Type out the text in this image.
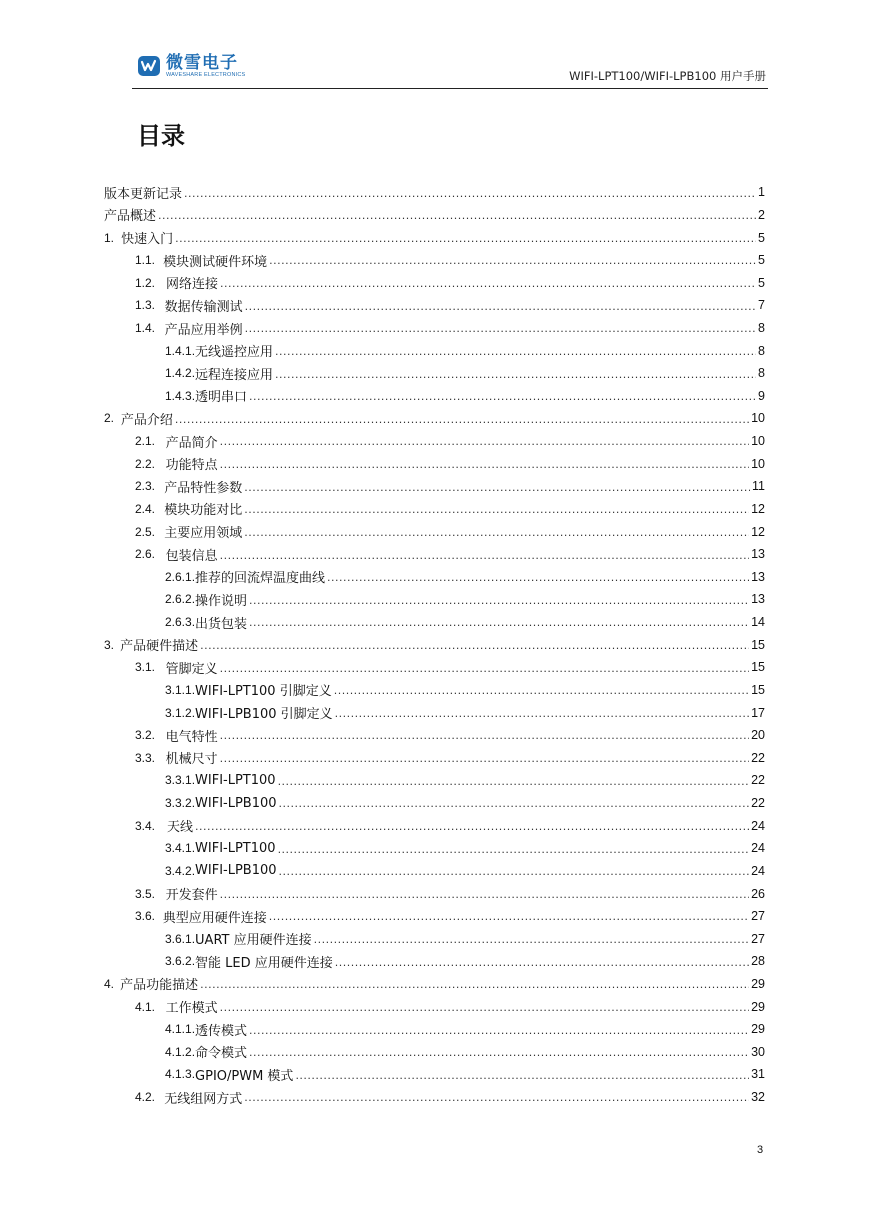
微雪电子
WAVESHARE ELECTRONICS	WIFI-LPT100/WIFI-LPB100 用户手册
目录
版本更新记录 .....	1
产品概述 .....	2
1. 快速入门 .....	5
1.1. 模块测试硬件环境 .....	5
1.2. 网络连接 .....	5
1.3. 数据传输测试 .....	7
1.4. 产品应用举例 .....	8
1.4.1. 无线遥控应用 .....	8
1.4.2. 远程连接应用 .....	8
1.4.3. 透明串口 .....	9
2. 产品介绍 .....	10
2.1. 产品简介 .....	10
2.2. 功能特点 .....	10
2.3. 产品特性参数 .....	11
2.4. 模块功能对比 .....	12
2.5. 主要应用领域 .....	12
2.6. 包装信息 .....	13
2.6.1. 推荐的回流焊温度曲线 .....	13
2.6.2. 操作说明 .....	13
2.6.3. 出货包装 .....	14
3. 产品硬件描述 .....	15
3.1. 管脚定义 .....	15
3.1.1. WIFI-LPT100 引脚定义 .....	15
3.1.2. WIFI-LPB100 引脚定义 .....	17
3.2. 电气特性 .....	20
3.3. 机械尺寸 .....	22
3.3.1. WIFI-LPT100 .....	22
3.3.2. WIFI-LPB100 .....	22
3.4. 天线 .....	24
3.4.1. WIFI-LPT100 .....	24
3.4.2. WIFI-LPB100 .....	24
3.5. 开发套件 .....	26
3.6. 典型应用硬件连接 .....	27
3.6.1. UART 应用硬件连接 .....	27
3.6.2. 智能 LED 应用硬件连接 .....	28
4. 产品功能描述 .....	29
4.1. 工作模式 .....	29
4.1.1. 透传模式 .....	29
4.1.2. 命令模式 .....	30
4.1.3. GPIO/PWM 模式 .....	31
4.2. 无线组网方式 .....	32
3
